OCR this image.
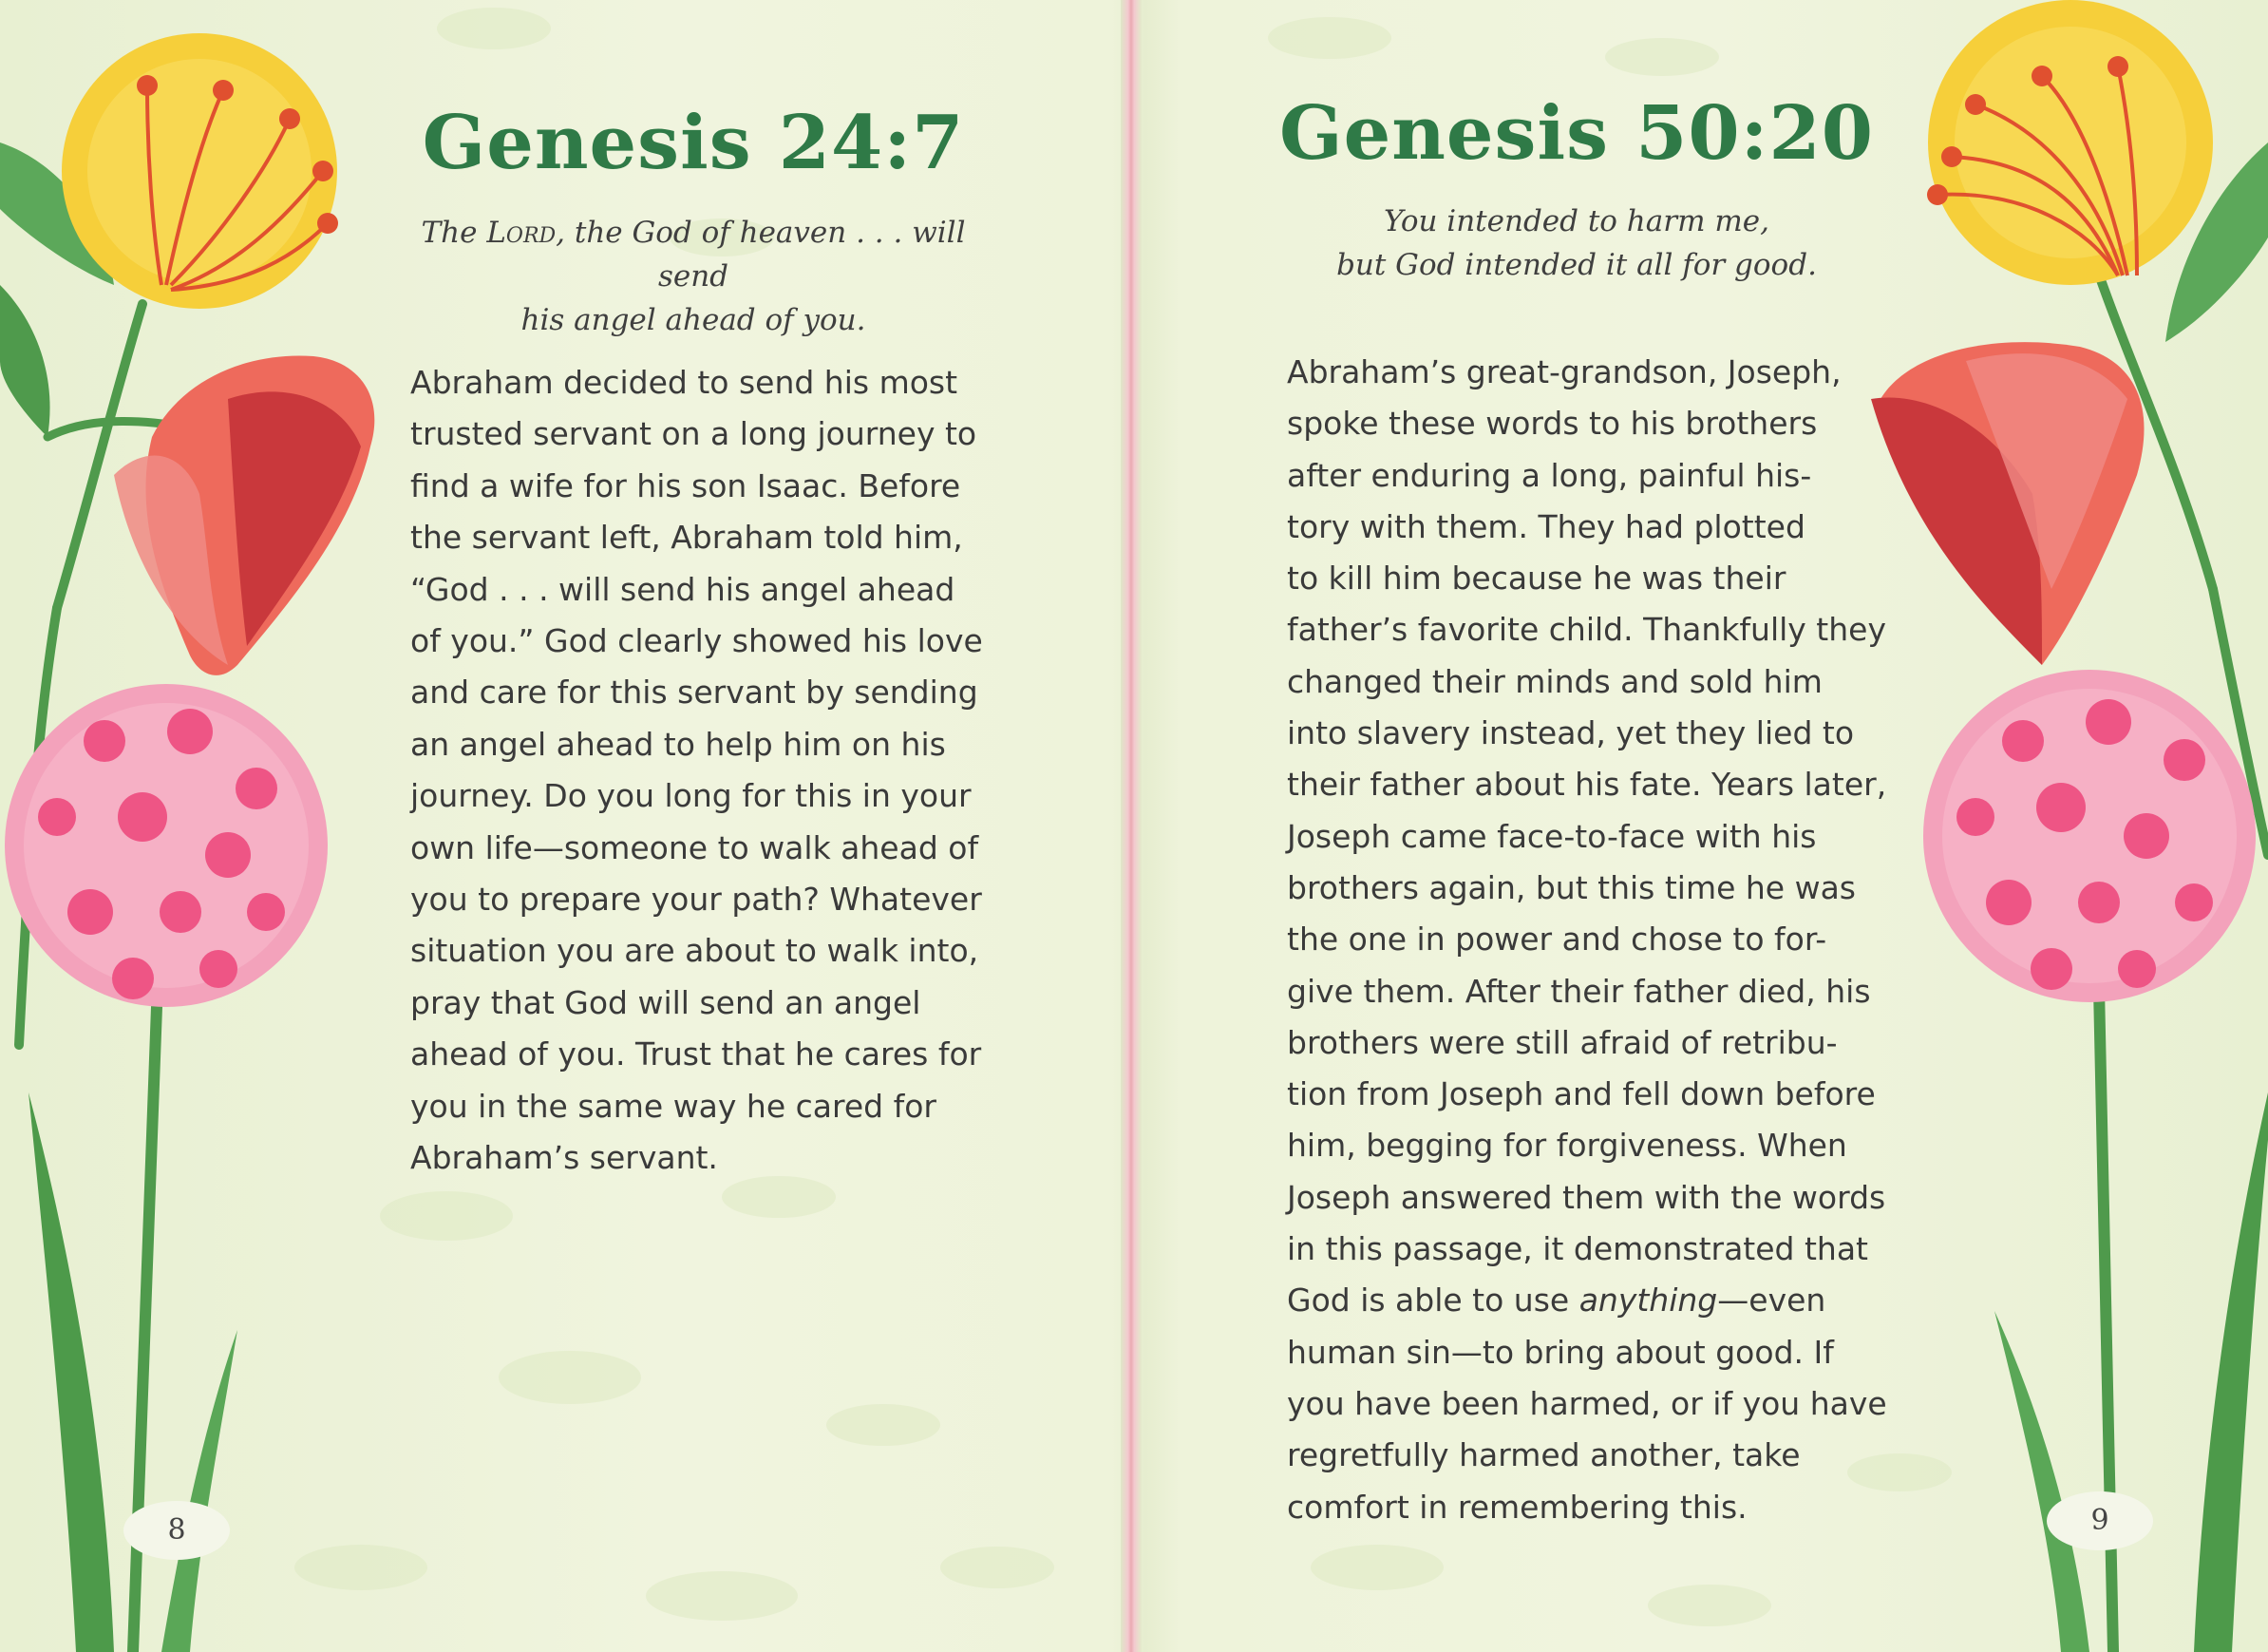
Genesis 24:7

The Lord, the God of heaven . . . will send
his angel ahead of you.

Abraham decided to send his most
trusted servant on a long journey to
find a wife for his son Isaac. Before
the servant left, Abraham told him,
“God . . . will send his angel ahead
of you.” God clearly showed his love
and care for this servant by sending
an angel ahead to help him on his
journey. Do you long for this in your
own life—someone to walk ahead of
you to prepare your path? Whatever
situation you are about to walk into,
pray that God will send an angel
ahead of you. Trust that he cares for
you in the same way he cared for
Abraham’s servant.

8
Genesis 50:20

You intended to harm me,
but God intended it all for good.

Abraham’s great-grandson, Joseph,
spoke these words to his brothers
after enduring a long, painful his-
tory with them. They had plotted
to kill him because he was their
father’s favorite child. Thankfully they
changed their minds and sold him
into slavery instead, yet they lied to
their father about his fate. Years later,
Joseph came face-to-face with his
brothers again, but this time he was
the one in power and chose to for-
give them. After their father died, his
brothers were still afraid of retribu-
tion from Joseph and fell down before
him, begging for forgiveness. When
Joseph answered them with the words
in this passage, it demonstrated that
God is able to use anything—even
human sin—to bring about good. If
you have been harmed, or if you have
regretfully harmed another, take
comfort in remembering this.	9
